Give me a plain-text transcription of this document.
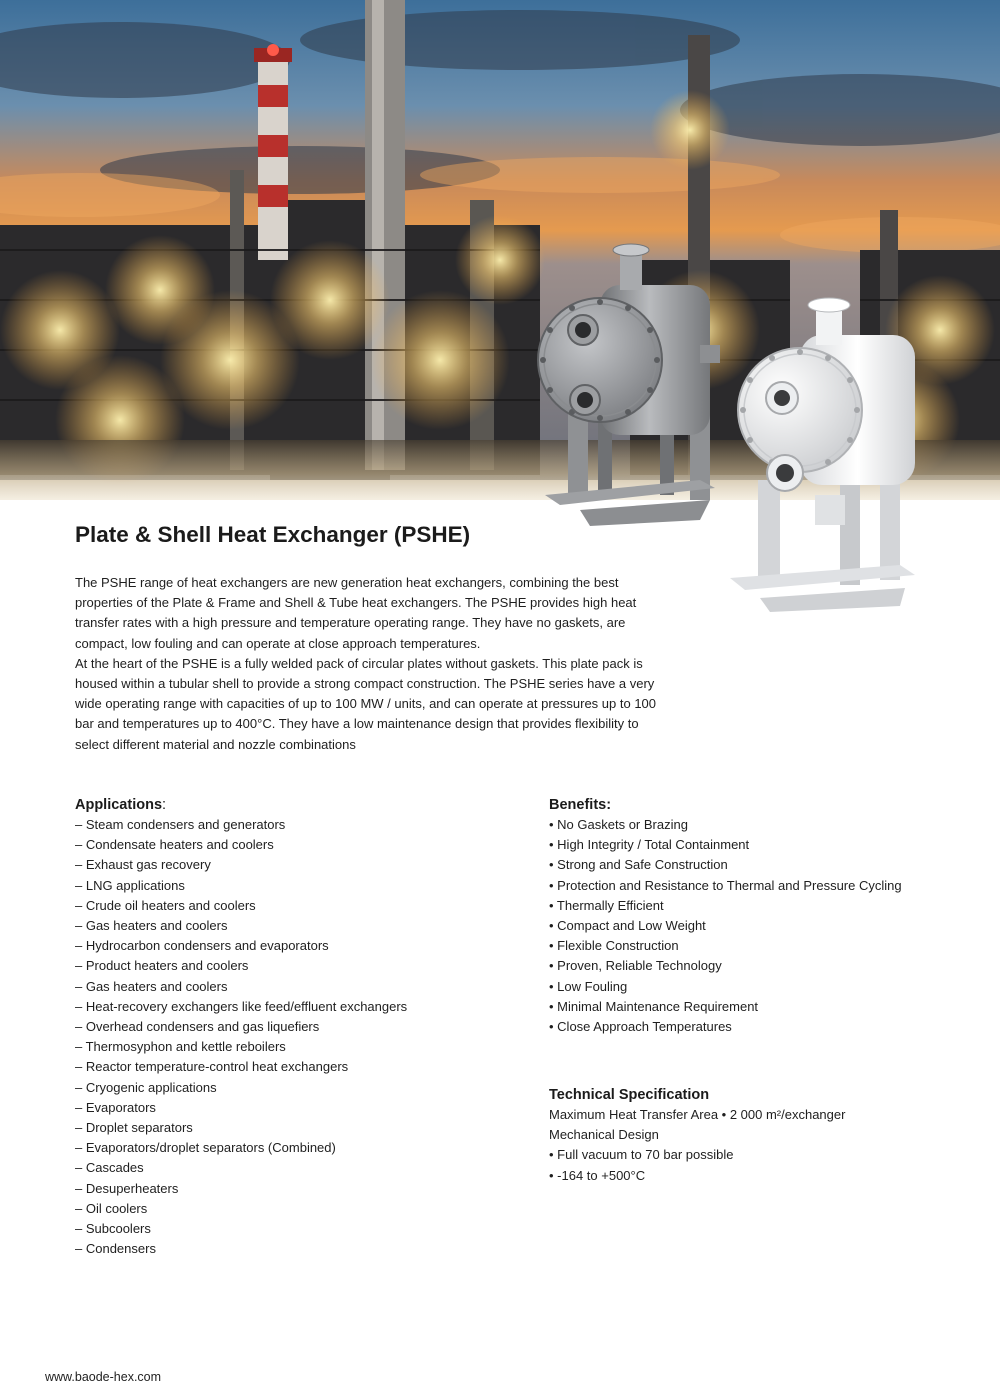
Plate & Shell Heat Exchanger (PSHE)

The PSHE range of heat exchangers are new generation heat exchangers, combining the best properties of the Plate & Frame and Shell & Tube heat exchangers. The PSHE provides high heat transfer rates with a high pressure and temperature operating range. They have no gaskets, are compact, low fouling and can operate at close approach temperatures.

At the heart of the PSHE is a fully welded pack of circular plates without gaskets. This plate pack is housed within a tubular shell to provide a strong compact construction. The PSHE series have a very wide operating range with capacities of up to 100 MW / units, and can operate at pressures up to 100 bar and temperatures up to 400°C. They have a low maintenance design that provides flexibility to select different material and nozzle combinations

Applications:
– Steam condensers and generators
– Condensate heaters and coolers
– Exhaust gas recovery
– LNG applications
– Crude oil heaters and coolers
– Gas heaters and coolers
– Hydrocarbon condensers and evaporators
– Product heaters and coolers
– Gas heaters and coolers
– Heat-recovery exchangers like feed/effluent exchangers
– Overhead condensers and gas liquefiers
– Thermosyphon and kettle reboilers
– Reactor temperature-control heat exchangers
– Cryogenic applications
– Evaporators
– Droplet separators
– Evaporators/droplet separators (Combined)
– Cascades
– Desuperheaters
– Oil coolers
– Subcoolers
– Condensers
Benefits:
• No Gaskets or Brazing
• High Integrity / Total Containment
• Strong and Safe Construction
• Protection and Resistance to Thermal and Pressure Cycling
• Thermally Efficient
• Compact and Low Weight
• Flexible Construction
• Proven, Reliable Technology
• Low Fouling
• Minimal Maintenance Requirement
• Close Approach Temperatures
Technical Specification
Maximum Heat Transfer Area • 2 000 m²/exchanger
Mechanical Design
• Full vacuum to 70 bar possible
• -164 to +500°C
www.baode-hex.com
